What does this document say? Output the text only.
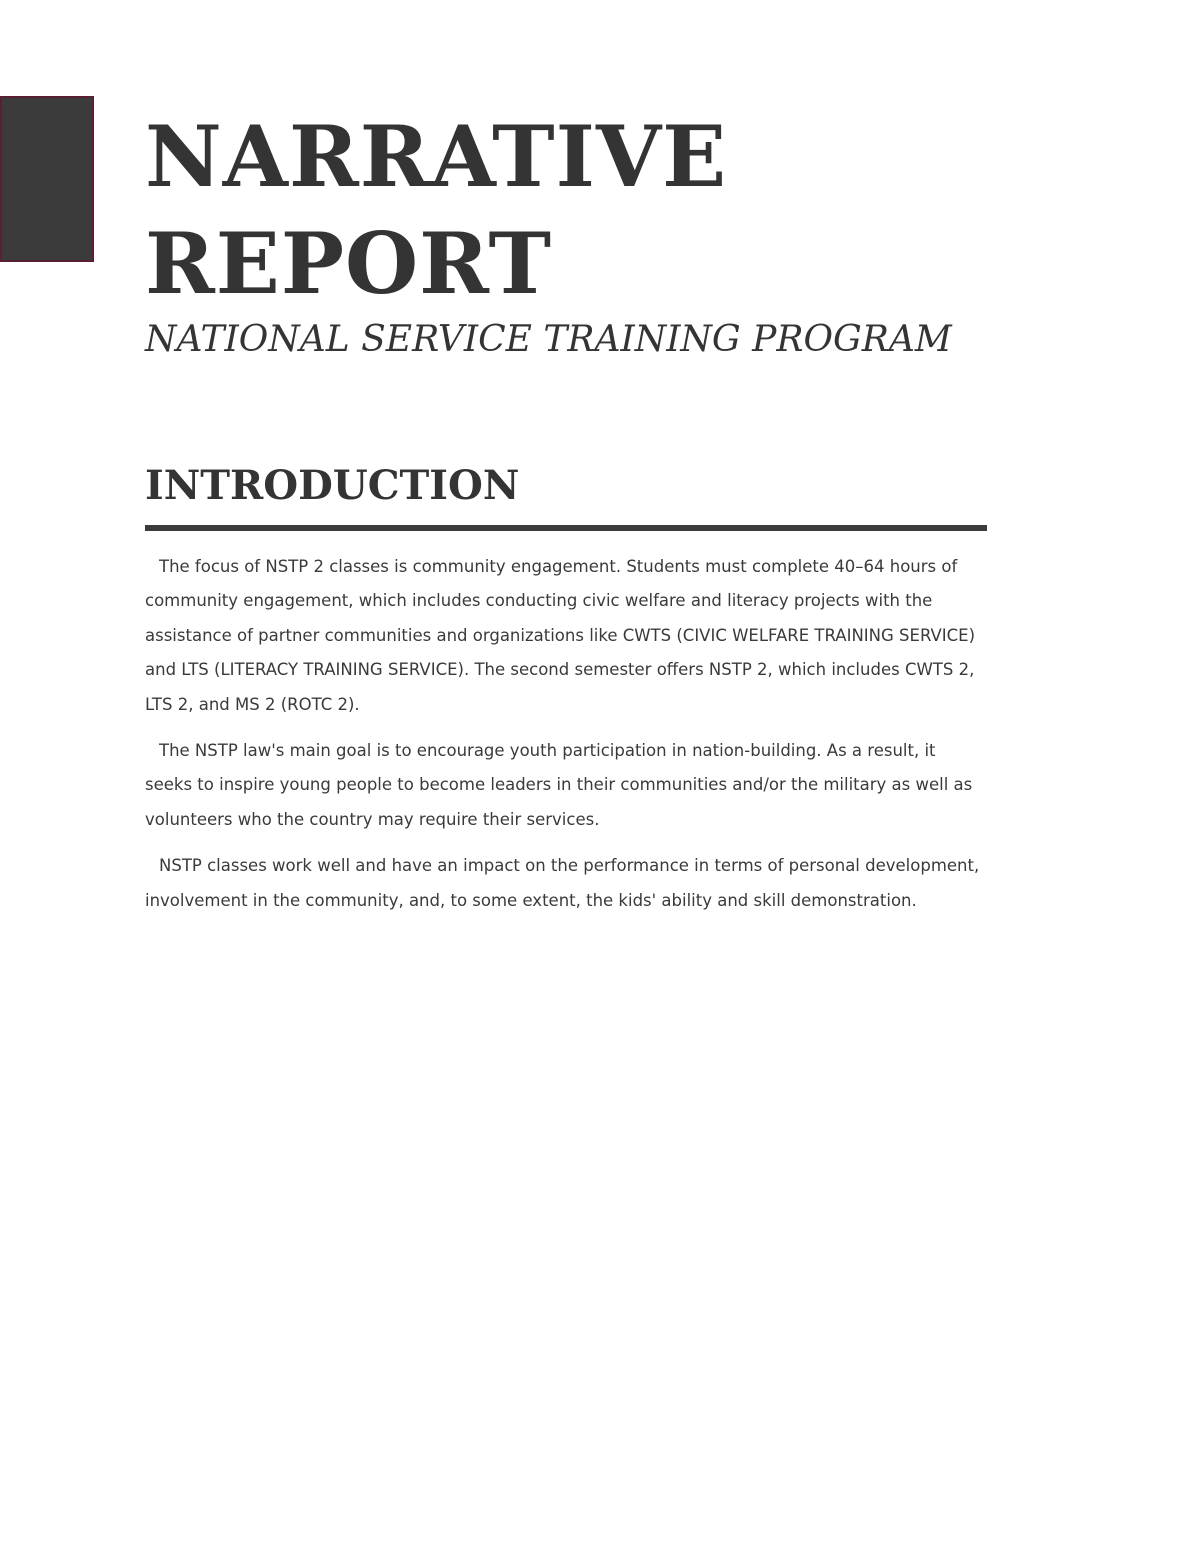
NARRATIVE
REPORT
NATIONAL SERVICE TRAINING PROGRAM
INTRODUCTION

The focus of NSTP 2 classes is community engagement. Students must complete 40–64 hours of community engagement, which includes conducting civic welfare and literacy projects with the assistance of partner communities and organizations like CWTS (CIVIC WELFARE TRAINING SERVICE) and LTS (LITERACY TRAINING SERVICE). The second semester offers NSTP 2, which includes CWTS 2, LTS 2, and MS 2 (ROTC 2).

The NSTP law's main goal is to encourage youth participation in nation-building. As a result, it seeks to inspire young people to become leaders in their communities and/or the military as well as volunteers who the country may require their services.

NSTP classes work well and have an impact on the performance in terms of personal development, involvement in the community, and, to some extent, the kids' ability and skill demonstration.
